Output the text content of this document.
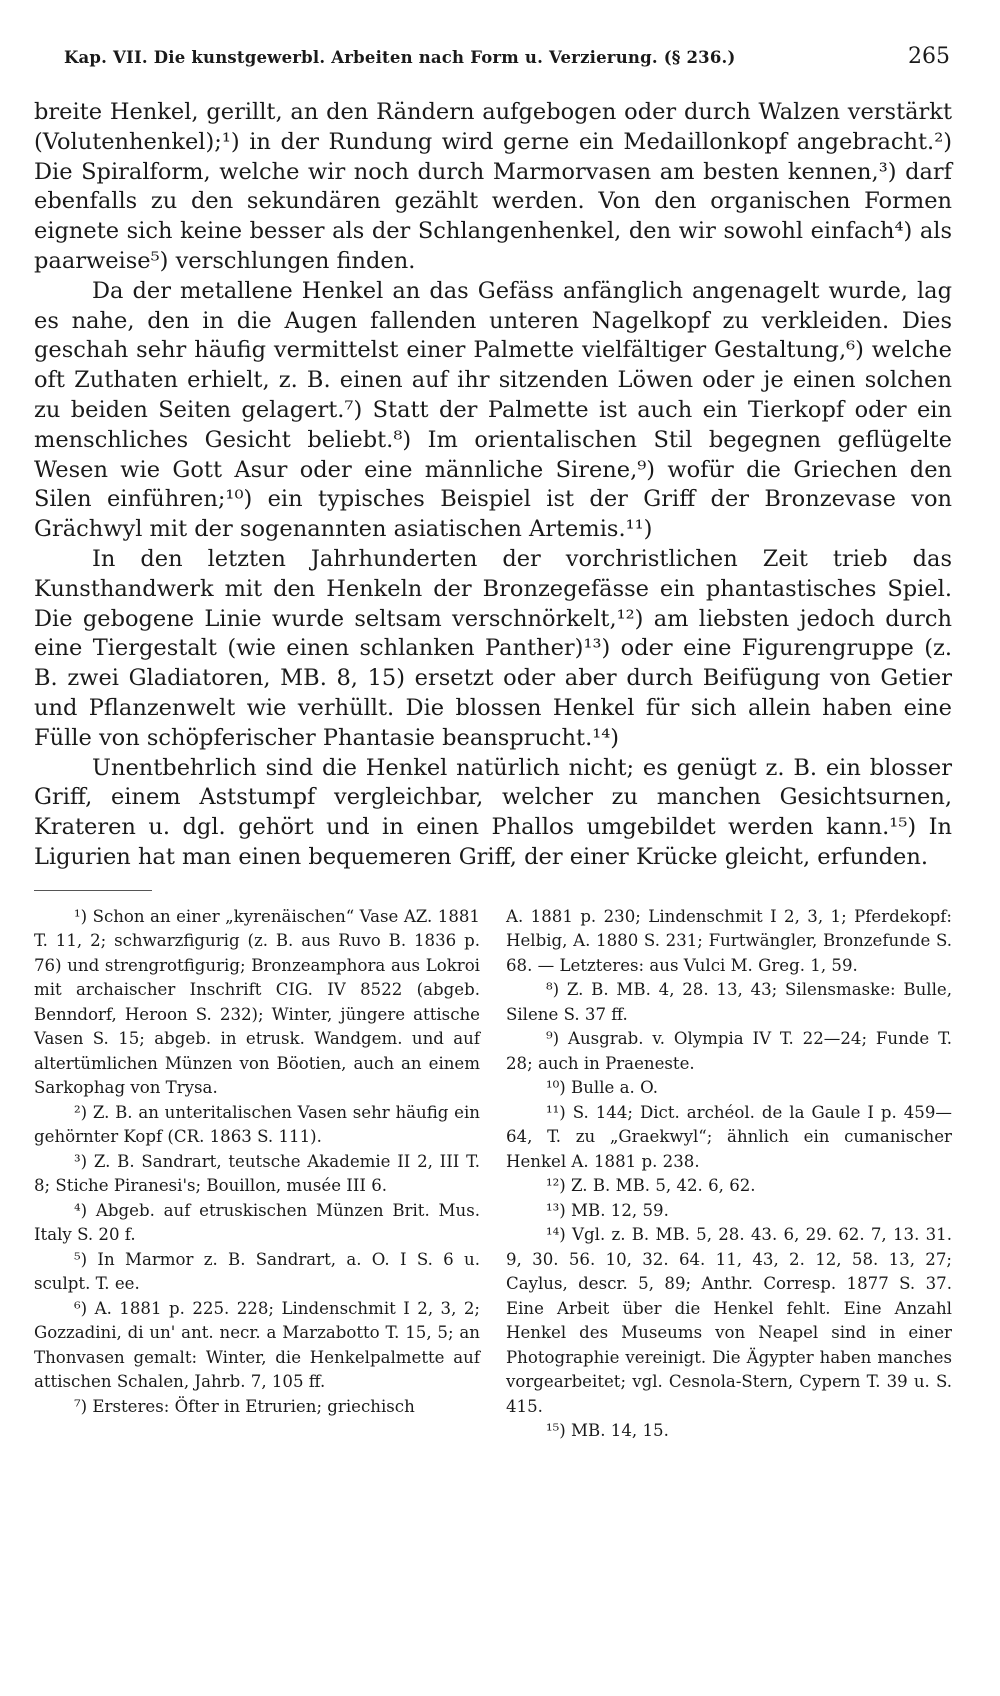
Kap. VII. Die kunstgewerbl. Arbeiten nach Form u. Verzierung. (§ 236.)	265

breite Henkel, gerillt, an den Rändern aufgebogen oder durch Walzen verstärkt (Volutenhenkel);¹) in der Rundung wird gerne ein Medaillonkopf angebracht.²) Die Spiralform, welche wir noch durch Marmorvasen am besten kennen,³) darf ebenfalls zu den sekundären gezählt werden. Von den organischen Formen eignete sich keine besser als der Schlangenhenkel, den wir sowohl einfach⁴) als paarweise⁵) verschlungen finden.

Da der metallene Henkel an das Gefäss anfänglich angenagelt wurde, lag es nahe, den in die Augen fallenden unteren Nagelkopf zu verkleiden. Dies geschah sehr häufig vermittelst einer Palmette vielfältiger Gestaltung,⁶) welche oft Zuthaten erhielt, z. B. einen auf ihr sitzenden Löwen oder je einen solchen zu beiden Seiten gelagert.⁷) Statt der Palmette ist auch ein Tierkopf oder ein menschliches Gesicht beliebt.⁸) Im orientalischen Stil begegnen geflügelte Wesen wie Gott Asur oder eine männliche Sirene,⁹) wofür die Griechen den Silen einführen;¹⁰) ein typisches Beispiel ist der Griff der Bronzevase von Grächwyl mit der sogenannten asiatischen Artemis.¹¹)

In den letzten Jahrhunderten der vorchristlichen Zeit trieb das Kunsthandwerk mit den Henkeln der Bronzegefässe ein phantastisches Spiel. Die gebogene Linie wurde seltsam verschnörkelt,¹²) am liebsten jedoch durch eine Tiergestalt (wie einen schlanken Panther)¹³) oder eine Figurengruppe (z. B. zwei Gladiatoren, MB. 8, 15) ersetzt oder aber durch Beifügung von Getier und Pflanzenwelt wie verhüllt. Die blossen Henkel für sich allein haben eine Fülle von schöpferischer Phantasie beansprucht.¹⁴)

Unentbehrlich sind die Henkel natürlich nicht; es genügt z. B. ein blosser Griff, einem Aststumpf vergleichbar, welcher zu manchen Gesichtsurnen, Krateren u. dgl. gehört und in einen Phallos umgebildet werden kann.¹⁵) In Ligurien hat man einen bequemeren Griff, der einer Krücke gleicht, erfunden.

¹) Schon an einer „kyrenäischen“ Vase AZ. 1881 T. 11, 2; schwarzfigurig (z. B. aus Ruvo B. 1836 p. 76) und strengrotfigurig; Bronzeamphora aus Lokroi mit archaischer Inschrift CIG. IV 8522 (abgeb. Benndorf, Heroon S. 232); Winter, jüngere attische Vasen S. 15; abgeb. in etrusk. Wandgem. und auf altertümlichen Münzen von Böotien, auch an einem Sarkophag von Trysa.

²) Z. B. an unteritalischen Vasen sehr häufig ein gehörnter Kopf (CR. 1863 S. 111).

³) Z. B. Sandrart, teutsche Akademie II 2, III T. 8; Stiche Piranesi's; Bouillon, musée III 6.

⁴) Abgeb. auf etruskischen Münzen Brit. Mus. Italy S. 20 f.

⁵) In Marmor z. B. Sandrart, a. O. I S. 6 u. sculpt. T. ee.

⁶) A. 1881 p. 225. 228; Lindenschmit I 2, 3, 2; Gozzadini, di un' ant. necr. a Marzabotto T. 15, 5; an Thonvasen gemalt: Winter, die Henkelpalmette auf attischen Schalen, Jahrb. 7, 105 ff.

⁷) Ersteres: Öfter in Etrurien; griechisch

A. 1881 p. 230; Lindenschmit I 2, 3, 1; Pferdekopf: Helbig, A. 1880 S. 231; Furtwängler, Bronzefunde S. 68. — Letzteres: aus Vulci M. Greg. 1, 59.

⁸) Z. B. MB. 4, 28. 13, 43; Silensmaske: Bulle, Silene S. 37 ff.

⁹) Ausgrab. v. Olympia IV T. 22—24; Funde T. 28; auch in Praeneste.

¹⁰) Bulle a. O.

¹¹) S. 144; Dict. archéol. de la Gaule I p. 459—64, T. zu „Graekwyl“; ähnlich ein cumanischer Henkel A. 1881 p. 238.

¹²) Z. B. MB. 5, 42. 6, 62.

¹³) MB. 12, 59.

¹⁴) Vgl. z. B. MB. 5, 28. 43. 6, 29. 62. 7, 13. 31. 9, 30. 56. 10, 32. 64. 11, 43, 2. 12, 58. 13, 27; Caylus, descr. 5, 89; Anthr. Corresp. 1877 S. 37. Eine Arbeit über die Henkel fehlt. Eine Anzahl Henkel des Museums von Neapel sind in einer Photographie vereinigt. Die Ägypter haben manches vorgearbeitet; vgl. Cesnola-Stern, Cypern T. 39 u. S. 415.

¹⁵) MB. 14, 15.
